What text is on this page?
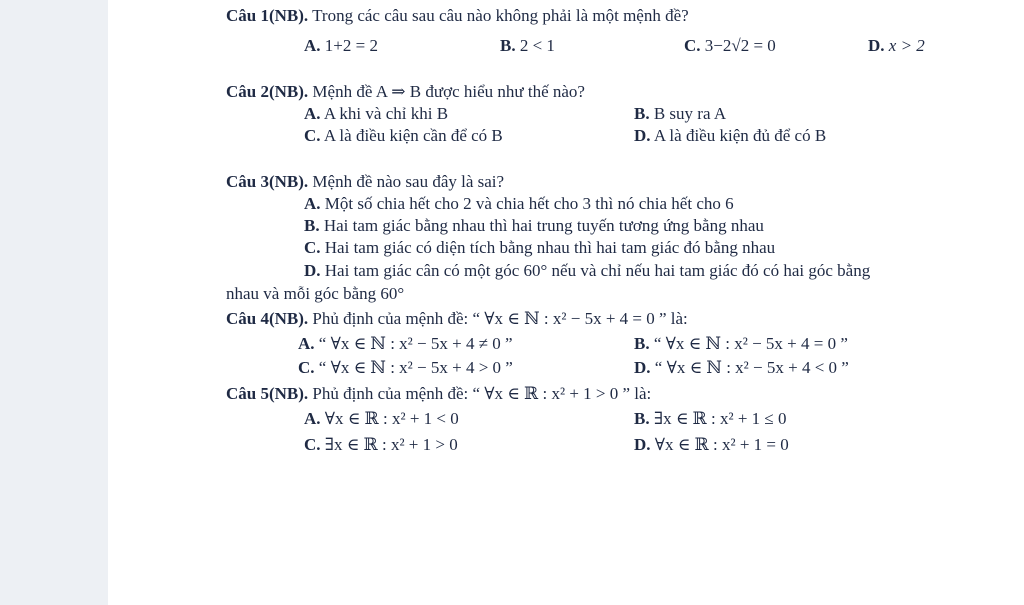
Câu 1(NB). Trong các câu sau câu nào không phải là một mệnh đề?
A. 1+2 = 2	B. 2 < 1	C. 3−2√2 = 0	D. x > 2
Câu 2(NB). Mệnh đề A ⇒ B được hiểu như thế nào?
A. A khi và chỉ khi B	B. B suy ra A
C. A là điều kiện cần để có B	D. A là điều kiện đủ để có B
Câu 3(NB). Mệnh đề nào sau đây là sai?
A. Một số chia hết cho 2 và chia hết cho 3 thì nó chia hết cho 6
B. Hai tam giác bằng nhau thì hai trung tuyến tương ứng bằng nhau
C. Hai tam giác có diện tích bằng nhau thì hai tam giác đó bằng nhau
D. Hai tam giác cân có một góc 60° nếu và chỉ nếu hai tam giác đó có hai góc bằng
nhau và mỗi góc bằng 60°
Câu 4(NB). Phủ định của mệnh đề: “ ∀x ∈ ℕ : x² − 5x + 4 = 0 ” là:
A. “ ∀x ∈ ℕ : x² − 5x + 4 ≠ 0 ”	B. “ ∀x ∈ ℕ : x² − 5x + 4 = 0 ”
C. “ ∀x ∈ ℕ : x² − 5x + 4 > 0 ”	D. “ ∀x ∈ ℕ : x² − 5x + 4 < 0 ”
Câu 5(NB). Phủ định của mệnh đề: “ ∀x ∈ ℝ : x² + 1 > 0 ” là:
A. ∀x ∈ ℝ : x² + 1 < 0	B. ∃x ∈ ℝ : x² + 1 ≤ 0
C. ∃x ∈ ℝ : x² + 1 > 0	D. ∀x ∈ ℝ : x² + 1 = 0
